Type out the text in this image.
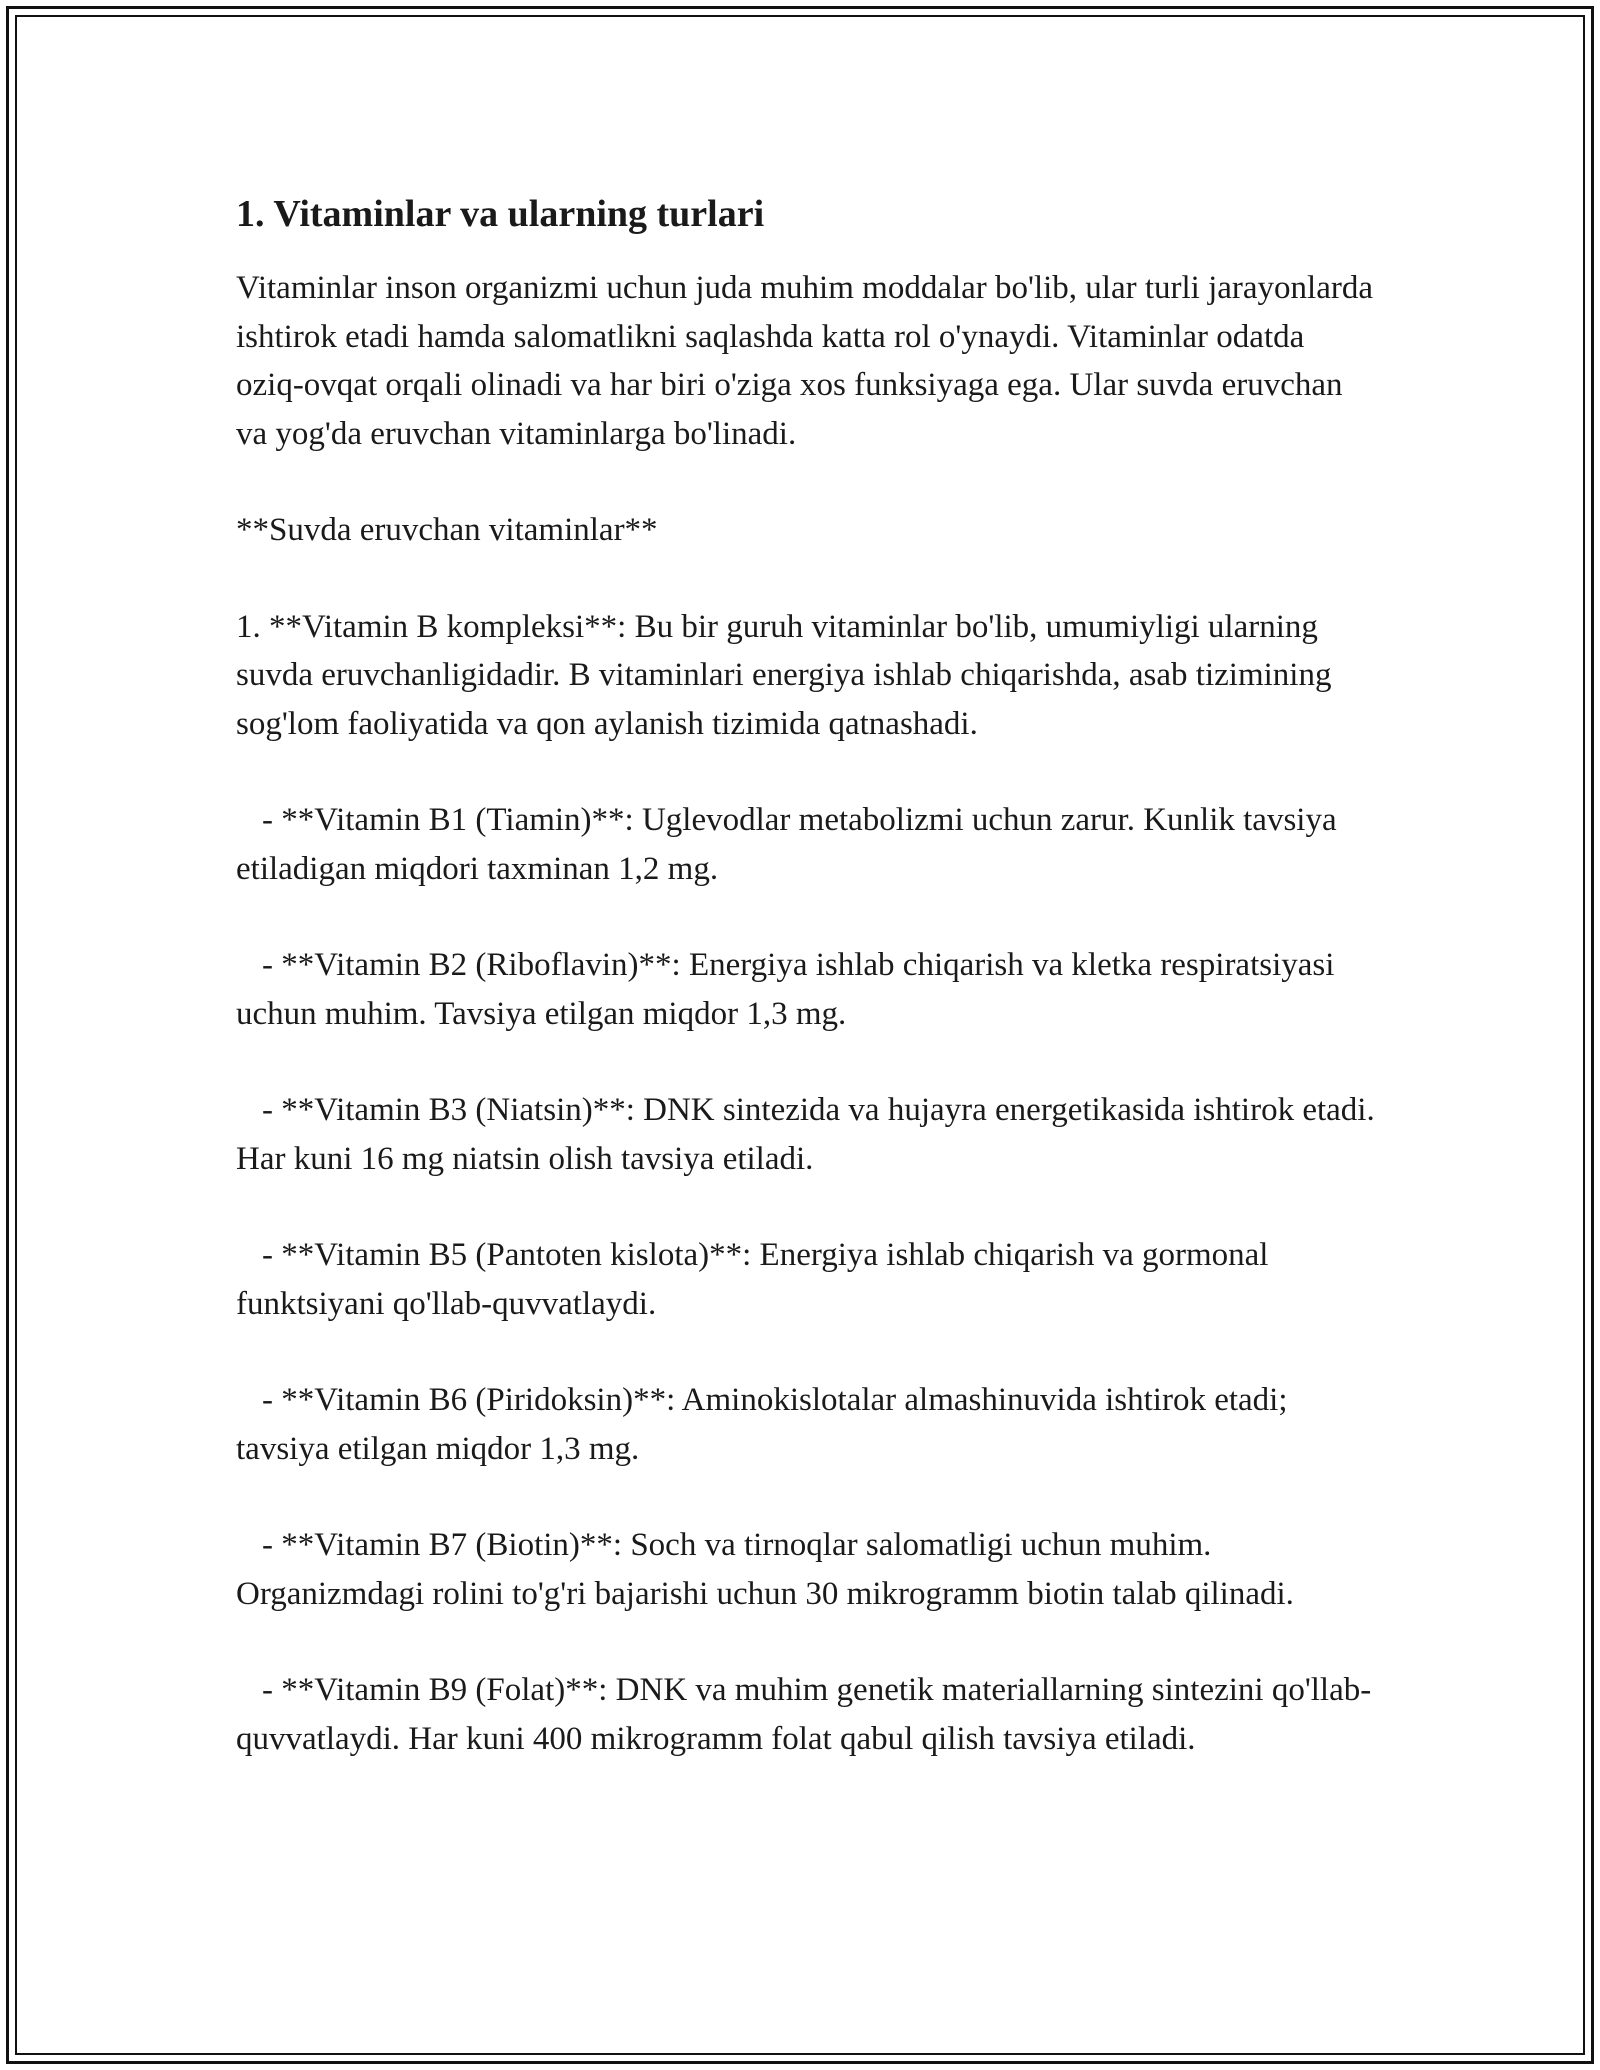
1. Vitaminlar va ularning turlari

Vitaminlar inson organizmi uchun juda muhim moddalar bo'lib, ular turli jarayonlarda ishtirok etadi hamda salomatlikni saqlashda katta rol o'ynaydi. Vitaminlar odatda oziq-ovqat orqali olinadi va har biri o'ziga xos funksiyaga ega. Ular suvda eruvchan va yog'da eruvchan vitaminlarga bo'linadi.

**Suvda eruvchan vitaminlar**

1. **Vitamin B kompleksi**: Bu bir guruh vitaminlar bo'lib, umumiyligi ularning suvda eruvchanligidadir. B vitaminlari energiya ishlab chiqarishda, asab tizimining sog'lom faoliyatida va qon aylanish tizimida qatnashadi.

- **Vitamin B1 (Tiamin)**: Uglevodlar metabolizmi uchun zarur. Kunlik tavsiya etiladigan miqdori taxminan 1,2 mg.

- **Vitamin B2 (Riboflavin)**: Energiya ishlab chiqarish va kletka respiratsiyasi uchun muhim. Tavsiya etilgan miqdor 1,3 mg.

- **Vitamin B3 (Niatsin)**: DNK sintezida va hujayra energetikasida ishtirok etadi. Har kuni 16 mg niatsin olish tavsiya etiladi.

- **Vitamin B5 (Pantoten kislota)**: Energiya ishlab chiqarish va gormonal funktsiyani qo'llab-quvvatlaydi.

- **Vitamin B6 (Piridoksin)**: Aminokislotalar almashinuvida ishtirok etadi; tavsiya etilgan miqdor 1,3 mg.

- **Vitamin B7 (Biotin)**: Soch va tirnoqlar salomatligi uchun muhim. Organizmdagi rolini to'g'ri bajarishi uchun 30 mikrogramm biotin talab qilinadi.

- **Vitamin B9 (Folat)**: DNK va muhim genetik materiallarning sintezini qo'llab-quvvatlaydi. Har kuni 400 mikrogramm folat qabul qilish tavsiya etiladi.
